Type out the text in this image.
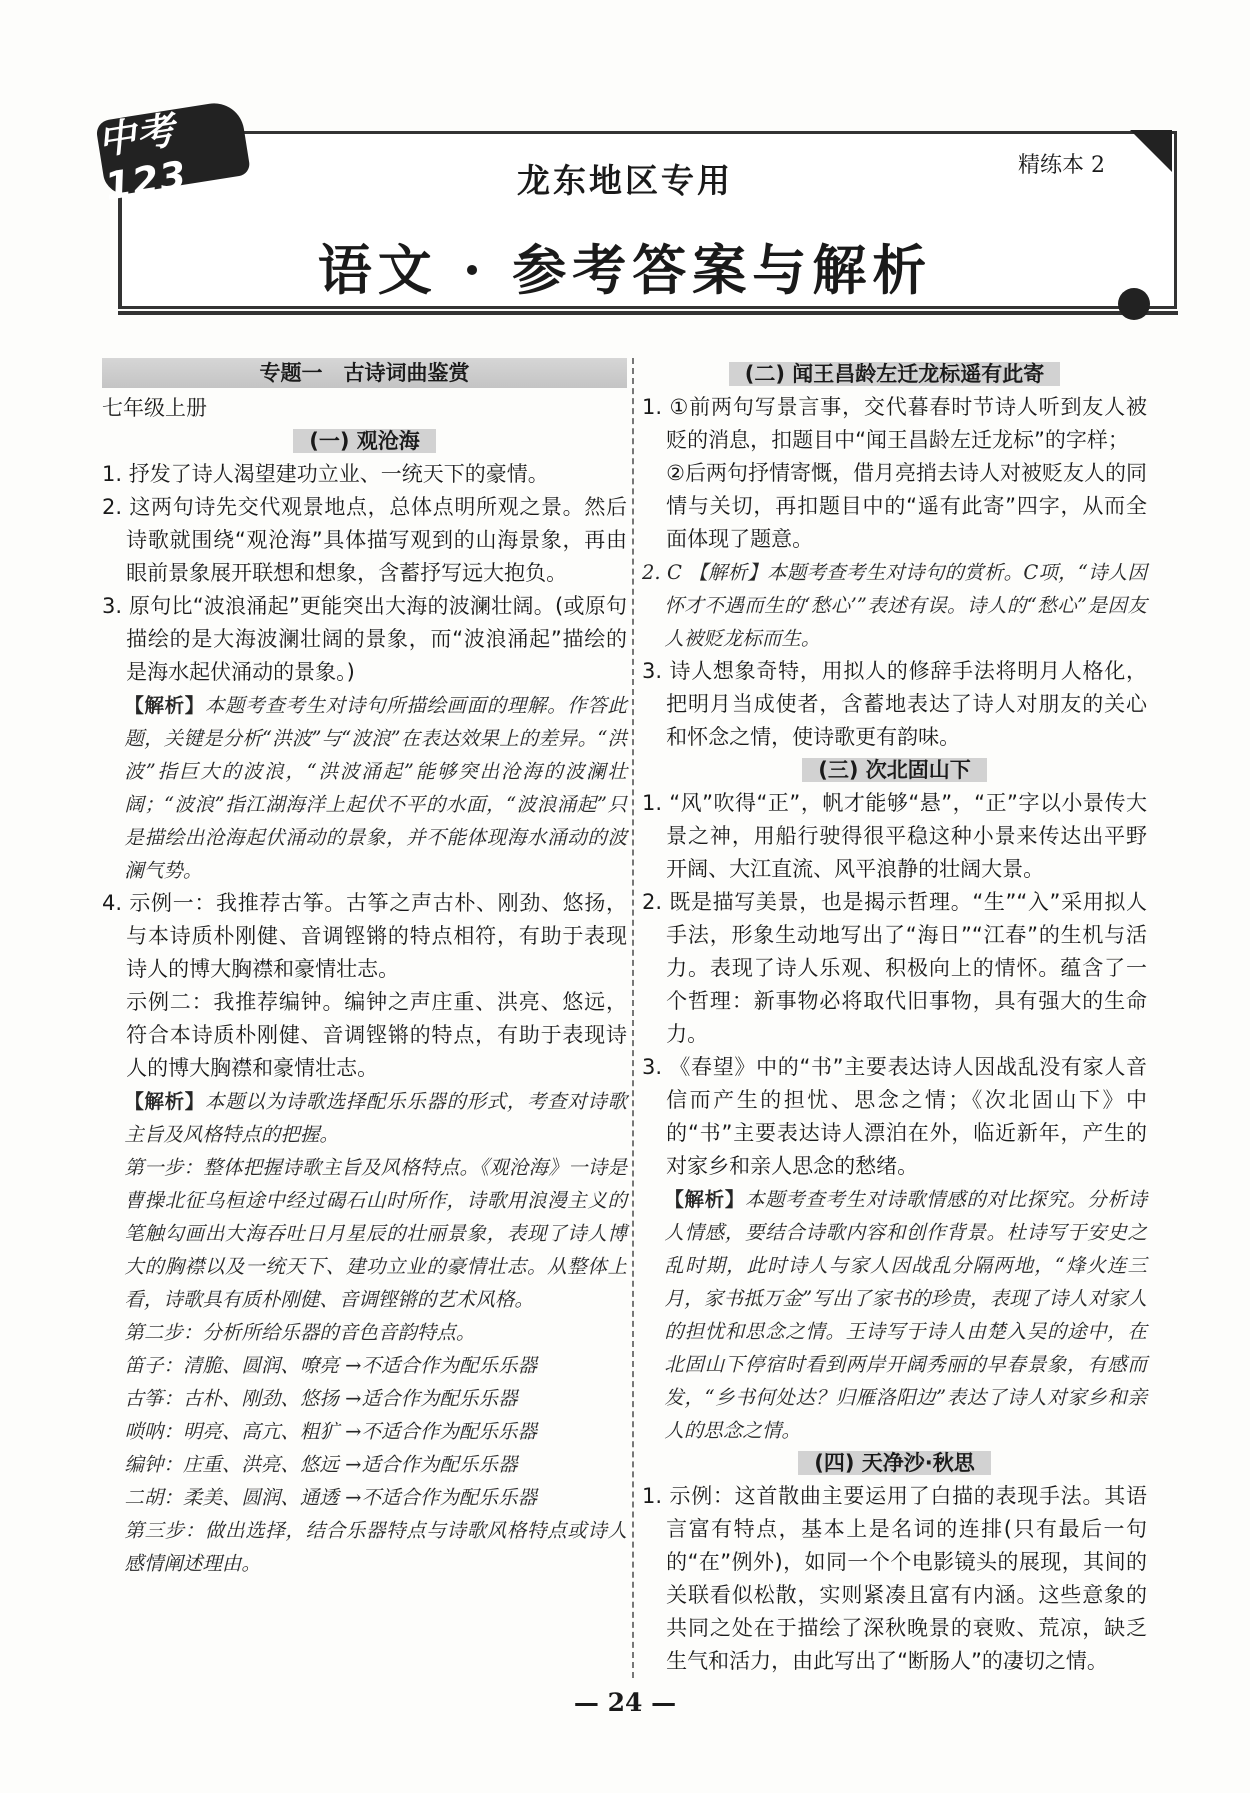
中考123	龙东地区专用	精练本 2
语文 · 参考答案与解析
专题一　古诗词曲鉴赏

七年级上册

(一) 观沧海

1. 抒发了诗人渴望建功立业、一统天下的豪情。

2. 这两句诗先交代观景地点，总体点明所观之景。然后诗歌就围绕“观沧海”具体描写观到的山海景象，再由眼前景象展开联想和想象，含蓄抒写远大抱负。

3. 原句比“波浪涌起”更能突出大海的波澜壮阔。(或原句描绘的是大海波澜壮阔的景象，而“波浪涌起”描绘的是海水起伏涌动的景象。)

【解析】本题考查考生对诗句所描绘画面的理解。作答此题，关键是分析“洪波”与“波浪”在表达效果上的差异。“洪波”指巨大的波浪，“洪波涌起”能够突出沧海的波澜壮阔；“波浪”指江湖海洋上起伏不平的水面，“波浪涌起”只是描绘出沧海起伏涌动的景象，并不能体现海水涌动的波澜气势。

4. 示例一：我推荐古筝。古筝之声古朴、刚劲、悠扬，与本诗质朴刚健、音调铿锵的特点相符，有助于表现诗人的博大胸襟和豪情壮志。

示例二：我推荐编钟。编钟之声庄重、洪亮、悠远，符合本诗质朴刚健、音调铿锵的特点，有助于表现诗人的博大胸襟和豪情壮志。

【解析】本题以为诗歌选择配乐乐器的形式，考查对诗歌主旨及风格特点的把握。

第一步：整体把握诗歌主旨及风格特点。《观沧海》一诗是曹操北征乌桓途中经过碣石山时所作，诗歌用浪漫主义的笔触勾画出大海吞吐日月星辰的壮丽景象，表现了诗人博大的胸襟以及一统天下、建功立业的豪情壮志。从整体上看，诗歌具有质朴刚健、音调铿锵的艺术风格。

第二步：分析所给乐器的音色音韵特点。

笛子：清脆、圆润、嘹亮 →不适合作为配乐乐器

古筝：古朴、刚劲、悠扬 →适合作为配乐乐器

唢呐：明亮、高亢、粗犷 →不适合作为配乐乐器

编钟：庄重、洪亮、悠远 →适合作为配乐乐器

二胡：柔美、圆润、通透 →不适合作为配乐乐器

第三步：做出选择，结合乐器特点与诗歌风格特点或诗人感情阐述理由。

(二) 闻王昌龄左迁龙标遥有此寄

1. ①前两句写景言事，交代暮春时节诗人听到友人被贬的消息，扣题目中“闻王昌龄左迁龙标”的字样；

②后两句抒情寄慨，借月亮捎去诗人对被贬友人的同情与关切，再扣题目中的“遥有此寄”四字，从而全面体现了题意。

2. C 【解析】本题考查考生对诗句的赏析。C项，“诗人因怀才不遇而生的‘愁心’”表述有误。诗人的“愁心”是因友人被贬龙标而生。

3. 诗人想象奇特，用拟人的修辞手法将明月人格化，把明月当成使者，含蓄地表达了诗人对朋友的关心和怀念之情，使诗歌更有韵味。

(三) 次北固山下

1. “风”吹得“正”，帆才能够“悬”，“正”字以小景传大景之神，用船行驶得很平稳这种小景来传达出平野开阔、大江直流、风平浪静的壮阔大景。

2. 既是描写美景，也是揭示哲理。“生”“入”采用拟人手法，形象生动地写出了“海日”“江春”的生机与活力。表现了诗人乐观、积极向上的情怀。蕴含了一个哲理：新事物必将取代旧事物，具有强大的生命力。

3. 《春望》中的“书”主要表达诗人因战乱没有家人音信而产生的担忧、思念之情；《次北固山下》中的“书”主要表达诗人漂泊在外，临近新年，产生的对家乡和亲人思念的愁绪。

【解析】本题考查考生对诗歌情感的对比探究。分析诗人情感，要结合诗歌内容和创作背景。杜诗写于安史之乱时期，此时诗人与家人因战乱分隔两地，“烽火连三月，家书抵万金”写出了家书的珍贵，表现了诗人对家人的担忧和思念之情。王诗写于诗人由楚入吴的途中，在北固山下停宿时看到两岸开阔秀丽的早春景象，有感而发，“乡书何处达？归雁洛阳边”表达了诗人对家乡和亲人的思念之情。

(四) 天净沙·秋思

1. 示例：这首散曲主要运用了白描的表现手法。其语言富有特点，基本上是名词的连排(只有最后一句的“在”例外)，如同一个个电影镜头的展现，其间的关联看似松散，实则紧凑且富有内涵。这些意象的共同之处在于描绘了深秋晚景的衰败、荒凉，缺乏生气和活力，由此写出了“断肠人”的凄切之情。

— 24 —
